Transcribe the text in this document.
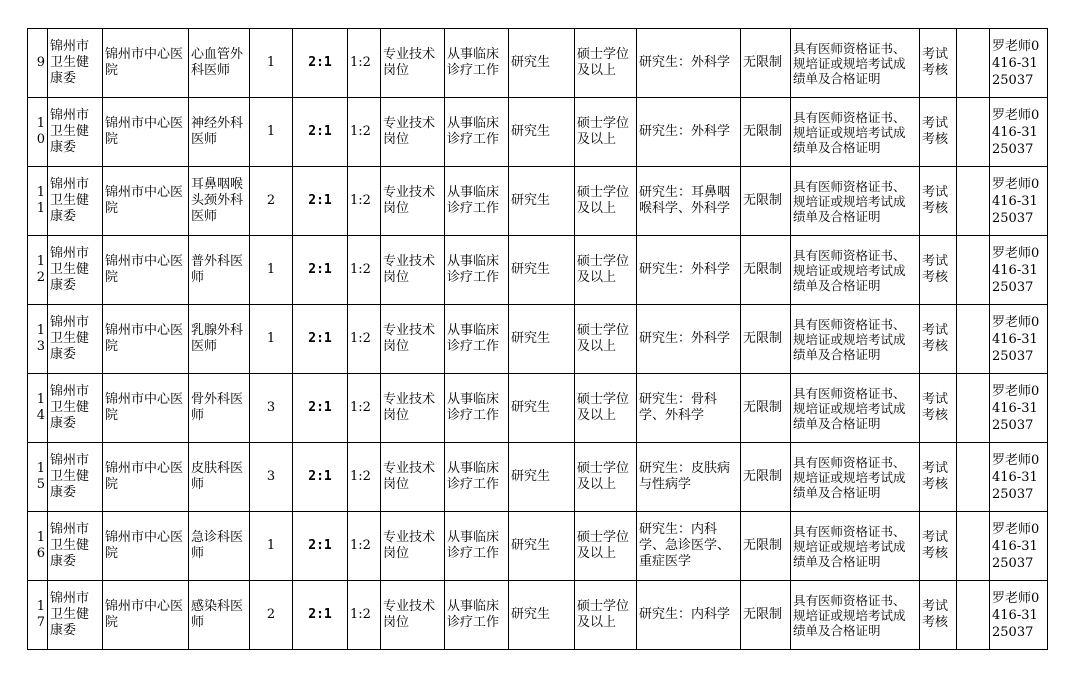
9	锦州市卫生健康委	锦州市中心医院	心血管外科医师	1	2:1	1:2	专业技术岗位	从事临床诊疗工作	研究生	硕士学位及以上	研究生：外科学	无限制	具有医师资格证书、规培证或规培考试成绩单及合格证明	考试考核		罗老师0416-3125037
10	锦州市卫生健康委	锦州市中心医院	神经外科医师	1	2:1	1:2	专业技术岗位	从事临床诊疗工作	研究生	硕士学位及以上	研究生：外科学	无限制	具有医师资格证书、规培证或规培考试成绩单及合格证明	考试考核		罗老师0416-3125037
11	锦州市卫生健康委	锦州市中心医院	耳鼻咽喉头颈外科医师	2	2:1	1:2	专业技术岗位	从事临床诊疗工作	研究生	硕士学位及以上	研究生：耳鼻咽喉科学、外科学	无限制	具有医师资格证书、规培证或规培考试成绩单及合格证明	考试考核		罗老师0416-3125037
12	锦州市卫生健康委	锦州市中心医院	普外科医师	1	2:1	1:2	专业技术岗位	从事临床诊疗工作	研究生	硕士学位及以上	研究生：外科学	无限制	具有医师资格证书、规培证或规培考试成绩单及合格证明	考试考核		罗老师0416-3125037
13	锦州市卫生健康委	锦州市中心医院	乳腺外科医师	1	2:1	1:2	专业技术岗位	从事临床诊疗工作	研究生	硕士学位及以上	研究生：外科学	无限制	具有医师资格证书、规培证或规培考试成绩单及合格证明	考试考核		罗老师0416-3125037
14	锦州市卫生健康委	锦州市中心医院	骨外科医师	3	2:1	1:2	专业技术岗位	从事临床诊疗工作	研究生	硕士学位及以上	研究生：骨科学、外科学	无限制	具有医师资格证书、规培证或规培考试成绩单及合格证明	考试考核		罗老师0416-3125037
15	锦州市卫生健康委	锦州市中心医院	皮肤科医师	3	2:1	1:2	专业技术岗位	从事临床诊疗工作	研究生	硕士学位及以上	研究生：皮肤病与性病学	无限制	具有医师资格证书、规培证或规培考试成绩单及合格证明	考试考核		罗老师0416-3125037
16	锦州市卫生健康委	锦州市中心医院	急诊科医师	1	2:1	1:2	专业技术岗位	从事临床诊疗工作	研究生	硕士学位及以上	研究生：内科学、急诊医学、重症医学	无限制	具有医师资格证书、规培证或规培考试成绩单及合格证明	考试考核		罗老师0416-3125037
17	锦州市卫生健康委	锦州市中心医院	感染科医师	2	2:1	1:2	专业技术岗位	从事临床诊疗工作	研究生	硕士学位及以上	研究生：内科学	无限制	具有医师资格证书、规培证或规培考试成绩单及合格证明	考试考核		罗老师0416-3125037
